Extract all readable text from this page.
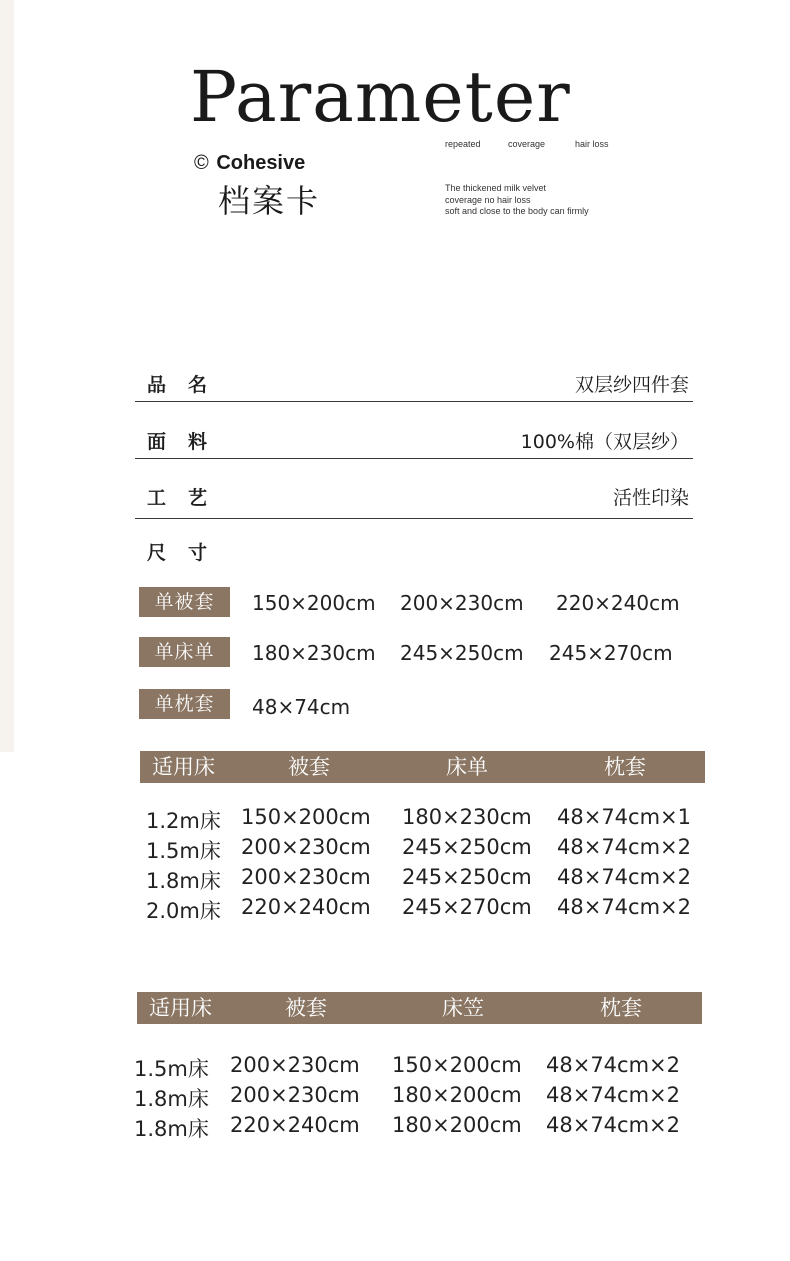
Parameter
repeated	coverage	hair loss
© Cohesive
档案卡	The thickened milk velvet
coverage no hair loss
soft and close to the body can firmly
品名	双层纱四件套
面料	100%棉（双层纱）
工艺	活性印染
尺寸
单被套	150×200cm 200×230cm 220×240cm
单床单	180×230cm 245×250cm 245×270cm
单枕套	48×74cm
适用床	被套	床单	枕套
1.2m床 150×200cm 180×230cm 48×74cm×1
1.5m床 200×230cm 245×250cm 48×74cm×2
1.8m床 200×230cm 245×250cm 48×74cm×2
2.0m床 220×240cm 245×270cm 48×74cm×2
适用床	被套	床笠	枕套
1.5m床 200×230cm 150×200cm 48×74cm×2
1.8m床 200×230cm 180×200cm 48×74cm×2
1.8m床 220×240cm 180×200cm 48×74cm×2
